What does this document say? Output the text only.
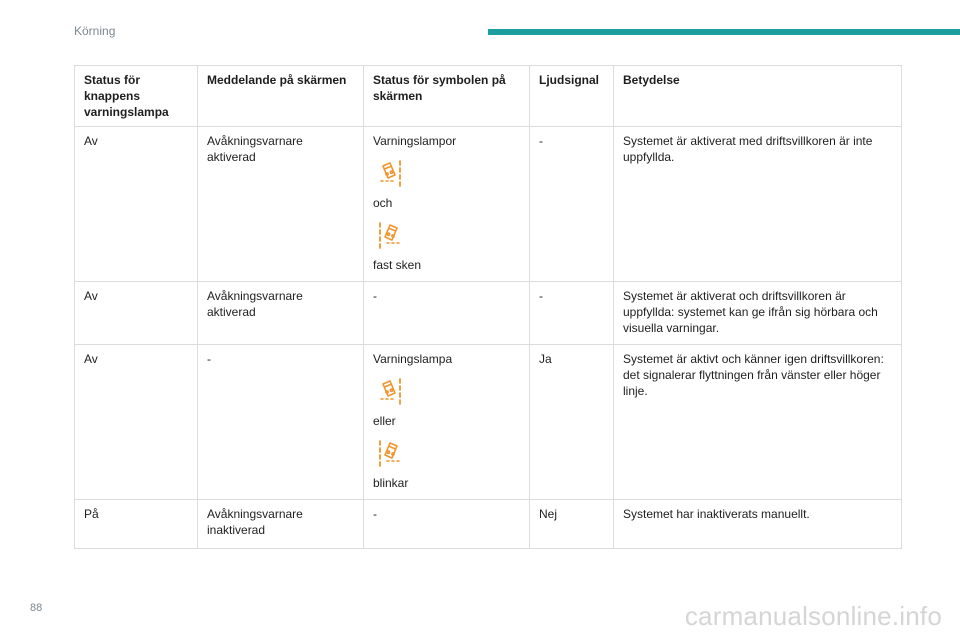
Körning
Status för knappens varningslampa	Meddelande på skärmen	Status för symbolen på skärmen	Ljudsignal	Betydelse
Av	Avåkningsvarnare aktiverad	Varningslampor
och
fast sken	-	Systemet är aktiverat med driftsvillkoren är inte uppfyllda.
Av	Avåkningsvarnare aktiverad	-	-	Systemet är aktiverat och driftsvillkoren är uppfyllda: systemet kan ge ifrån sig hörbara och visuella varningar.
Av	-	Varningslampa
eller
blinkar	Ja	Systemet är aktivt och känner igen driftsvillkoren: det signalerar flyttningen från vänster eller höger linje.
På	Avåkningsvarnare inaktiverad	-	Nej	Systemet har inaktiverats manuellt.
88	carmanualsonline.info
